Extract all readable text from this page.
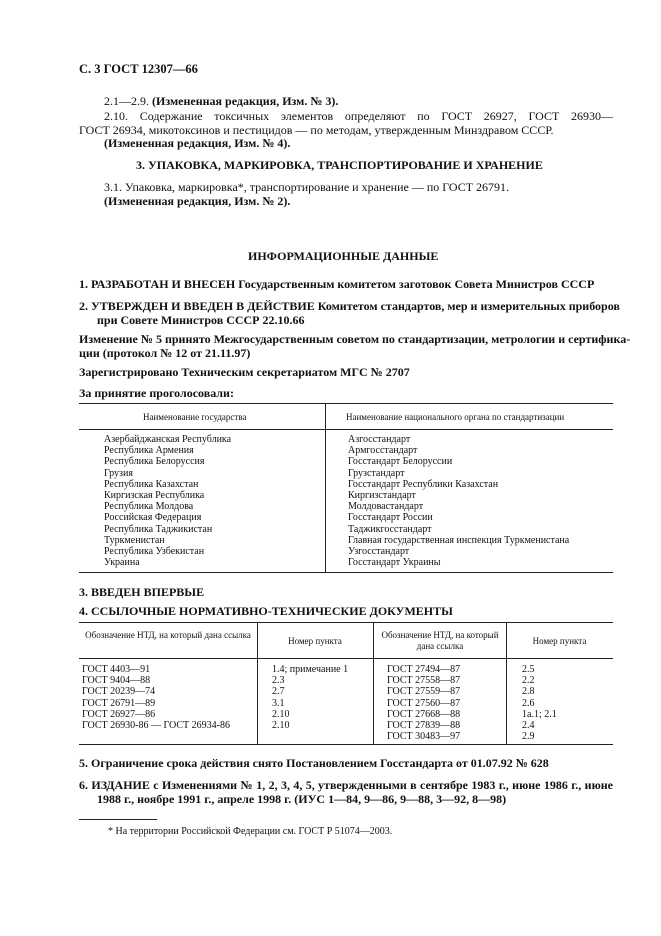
С. 3 ГОСТ 12307—66
2.1—2.9. (Измененная редакция, Изм. № 3).
2.10. Содержание токсичных элементов определяют по ГОСТ 26927, ГОСТ 26930—
ГОСТ 26934, микотоксинов и пестицидов — по методам, утвержденным Минздравом СССР.
(Измененная редакция, Изм. № 4).
3. УПАКОВКА, МАРКИРОВКА, ТРАНСПОРТИРОВАНИЕ И ХРАНЕНИЕ
3.1. Упаковка, маркировка*, транспортирование и хранение — по ГОСТ 26791.
(Измененная редакция, Изм. № 2).
ИНФОРМАЦИОННЫЕ ДАННЫЕ
1. РАЗРАБОТАН И ВНЕСЕН Государственным комитетом заготовок Совета Министров СССР
2. УТВЕРЖДЕН И ВВЕДЕН В ДЕЙСТВИЕ Комитетом стандартов, мер и измерительных приборов
при Совете Министров СССР 22.10.66
Изменение № 5 принято Межгосударственным советом по стандартизации, метрологии и сертифика-
ции (протокол № 12 от 21.11.97)
Зарегистрировано Техническим секретариатом МГС № 2707
За принятие проголосовали:
Наименование государства	Наименование национального органа по стандартизации
Азербайджанская Республика
Республика Армения
Республика Белоруссия
Грузия
Республика Казахстан
Киргизская Республика
Республика Молдова
Российская Федерация
Республика Таджикистан
Туркменистан
Республика Узбекистан
Украина
Азгосстандарт
Армгосстандарт
Госстандарт Белоруссии
Грузстандарт
Госстандарт Республики Казахстан
Киргизстандарт
Молдовастандарт
Госстандарт России
Таджикгосстандарт
Главная государственная инспекция Туркменистана
Узгосстандарт
Госстандарт Украины
3. ВВЕДЕН ВПЕРВЫЕ
4. ССЫЛОЧНЫЕ НОРМАТИВНО-ТЕХНИЧЕСКИЕ ДОКУМЕНТЫ
Обозначение НТД, на который дана ссылка
Номер пункта
Обозначение НТД, на который дана ссылка	Номер пункта
ГОСТ 4403—91
ГОСТ 9404—88
ГОСТ 20239—74
ГОСТ 26791—89
ГОСТ 26927—86
ГОСТ 26930-86 — ГОСТ 26934-86
1.4; примечание 1
2.3
2.7
3.1
2.10
2.10
ГОСТ 27494—87
ГОСТ 27558—87
ГОСТ 27559—87
ГОСТ 27560—87
ГОСТ 27668—88
ГОСТ 27839—88
ГОСТ 30483—97
2.5
2.2
2.8
2.6
1а.1; 2.1
2.4
2.9
5. Ограничение срока действия снято Постановлением Госстандарта от 01.07.92 № 628
6. ИЗДАНИЕ с Изменениями № 1, 2, 3, 4, 5, утвержденными в сентябре 1983 г., июне 1986 г., июне
1988 г., ноябре 1991 г., апреле 1998 г. (ИУС 1—84, 9—86, 9—88, 3—92, 8—98)
* На территории Российской Федерации см. ГОСТ Р 51074—2003.
